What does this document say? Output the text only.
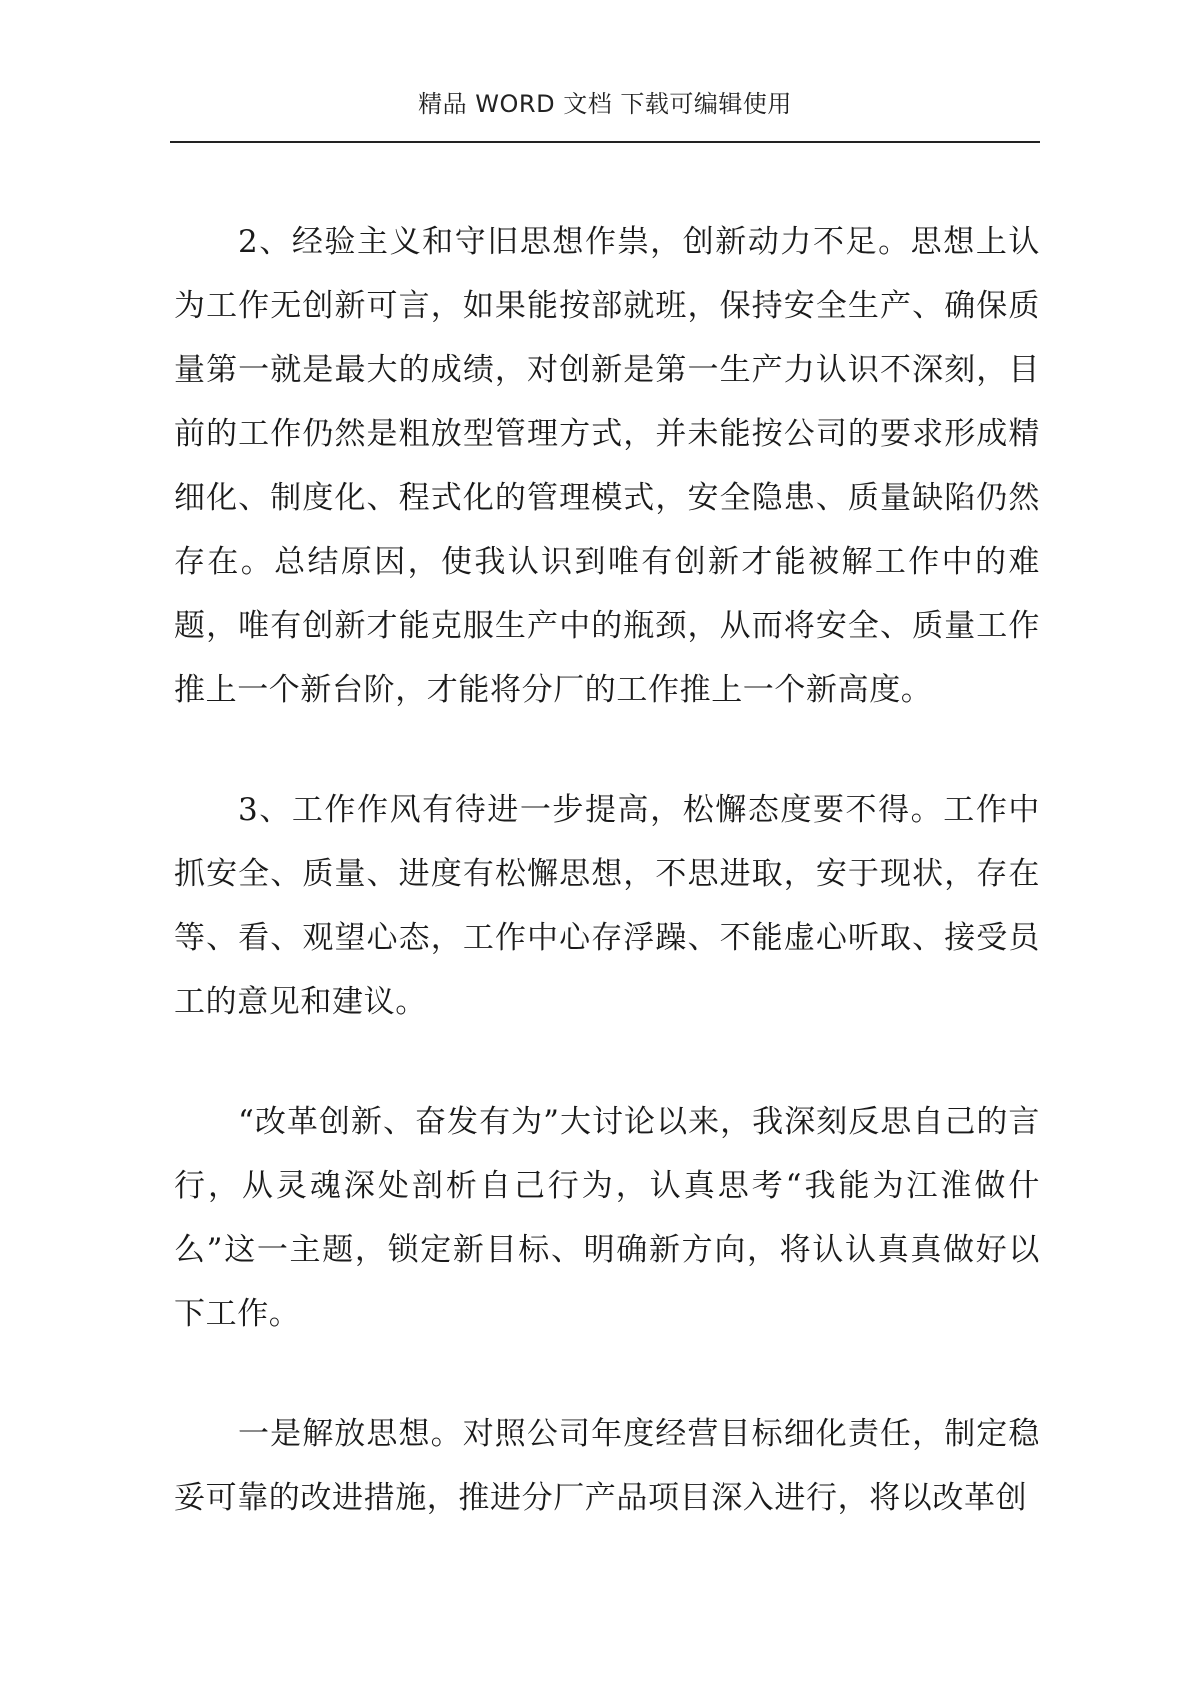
精品 WORD 文档 下载可编辑使用

2、经验主义和守旧思想作祟，创新动力不足。思想上认为工作无创新可言，如果能按部就班，保持安全生产、确保质量第一就是最大的成绩，对创新是第一生产力认识不深刻，目前的工作仍然是粗放型管理方式，并未能按公司的要求形成精细化、制度化、程式化的管理模式，安全隐患、质量缺陷仍然存在。总结原因，使我认识到唯有创新才能被解工作中的难题，唯有创新才能克服生产中的瓶颈，从而将安全、质量工作推上一个新台阶，才能将分厂的工作推上一个新高度。

3、工作作风有待进一步提高，松懈态度要不得。工作中抓安全、质量、进度有松懈思想，不思进取，安于现状，存在等、看、观望心态，工作中心存浮躁、不能虚心听取、接受员工的意见和建议。

“改革创新、奋发有为”大讨论以来，我深刻反思自己的言行，从灵魂深处剖析自己行为，认真思考“我能为江淮做什么”这一主题，锁定新目标、明确新方向，将认认真真做好以下工作。

一是解放思想。对照公司年度经营目标细化责任，制定稳妥可靠的改进措施，推进分厂产品项目深入进行，将以改革创
